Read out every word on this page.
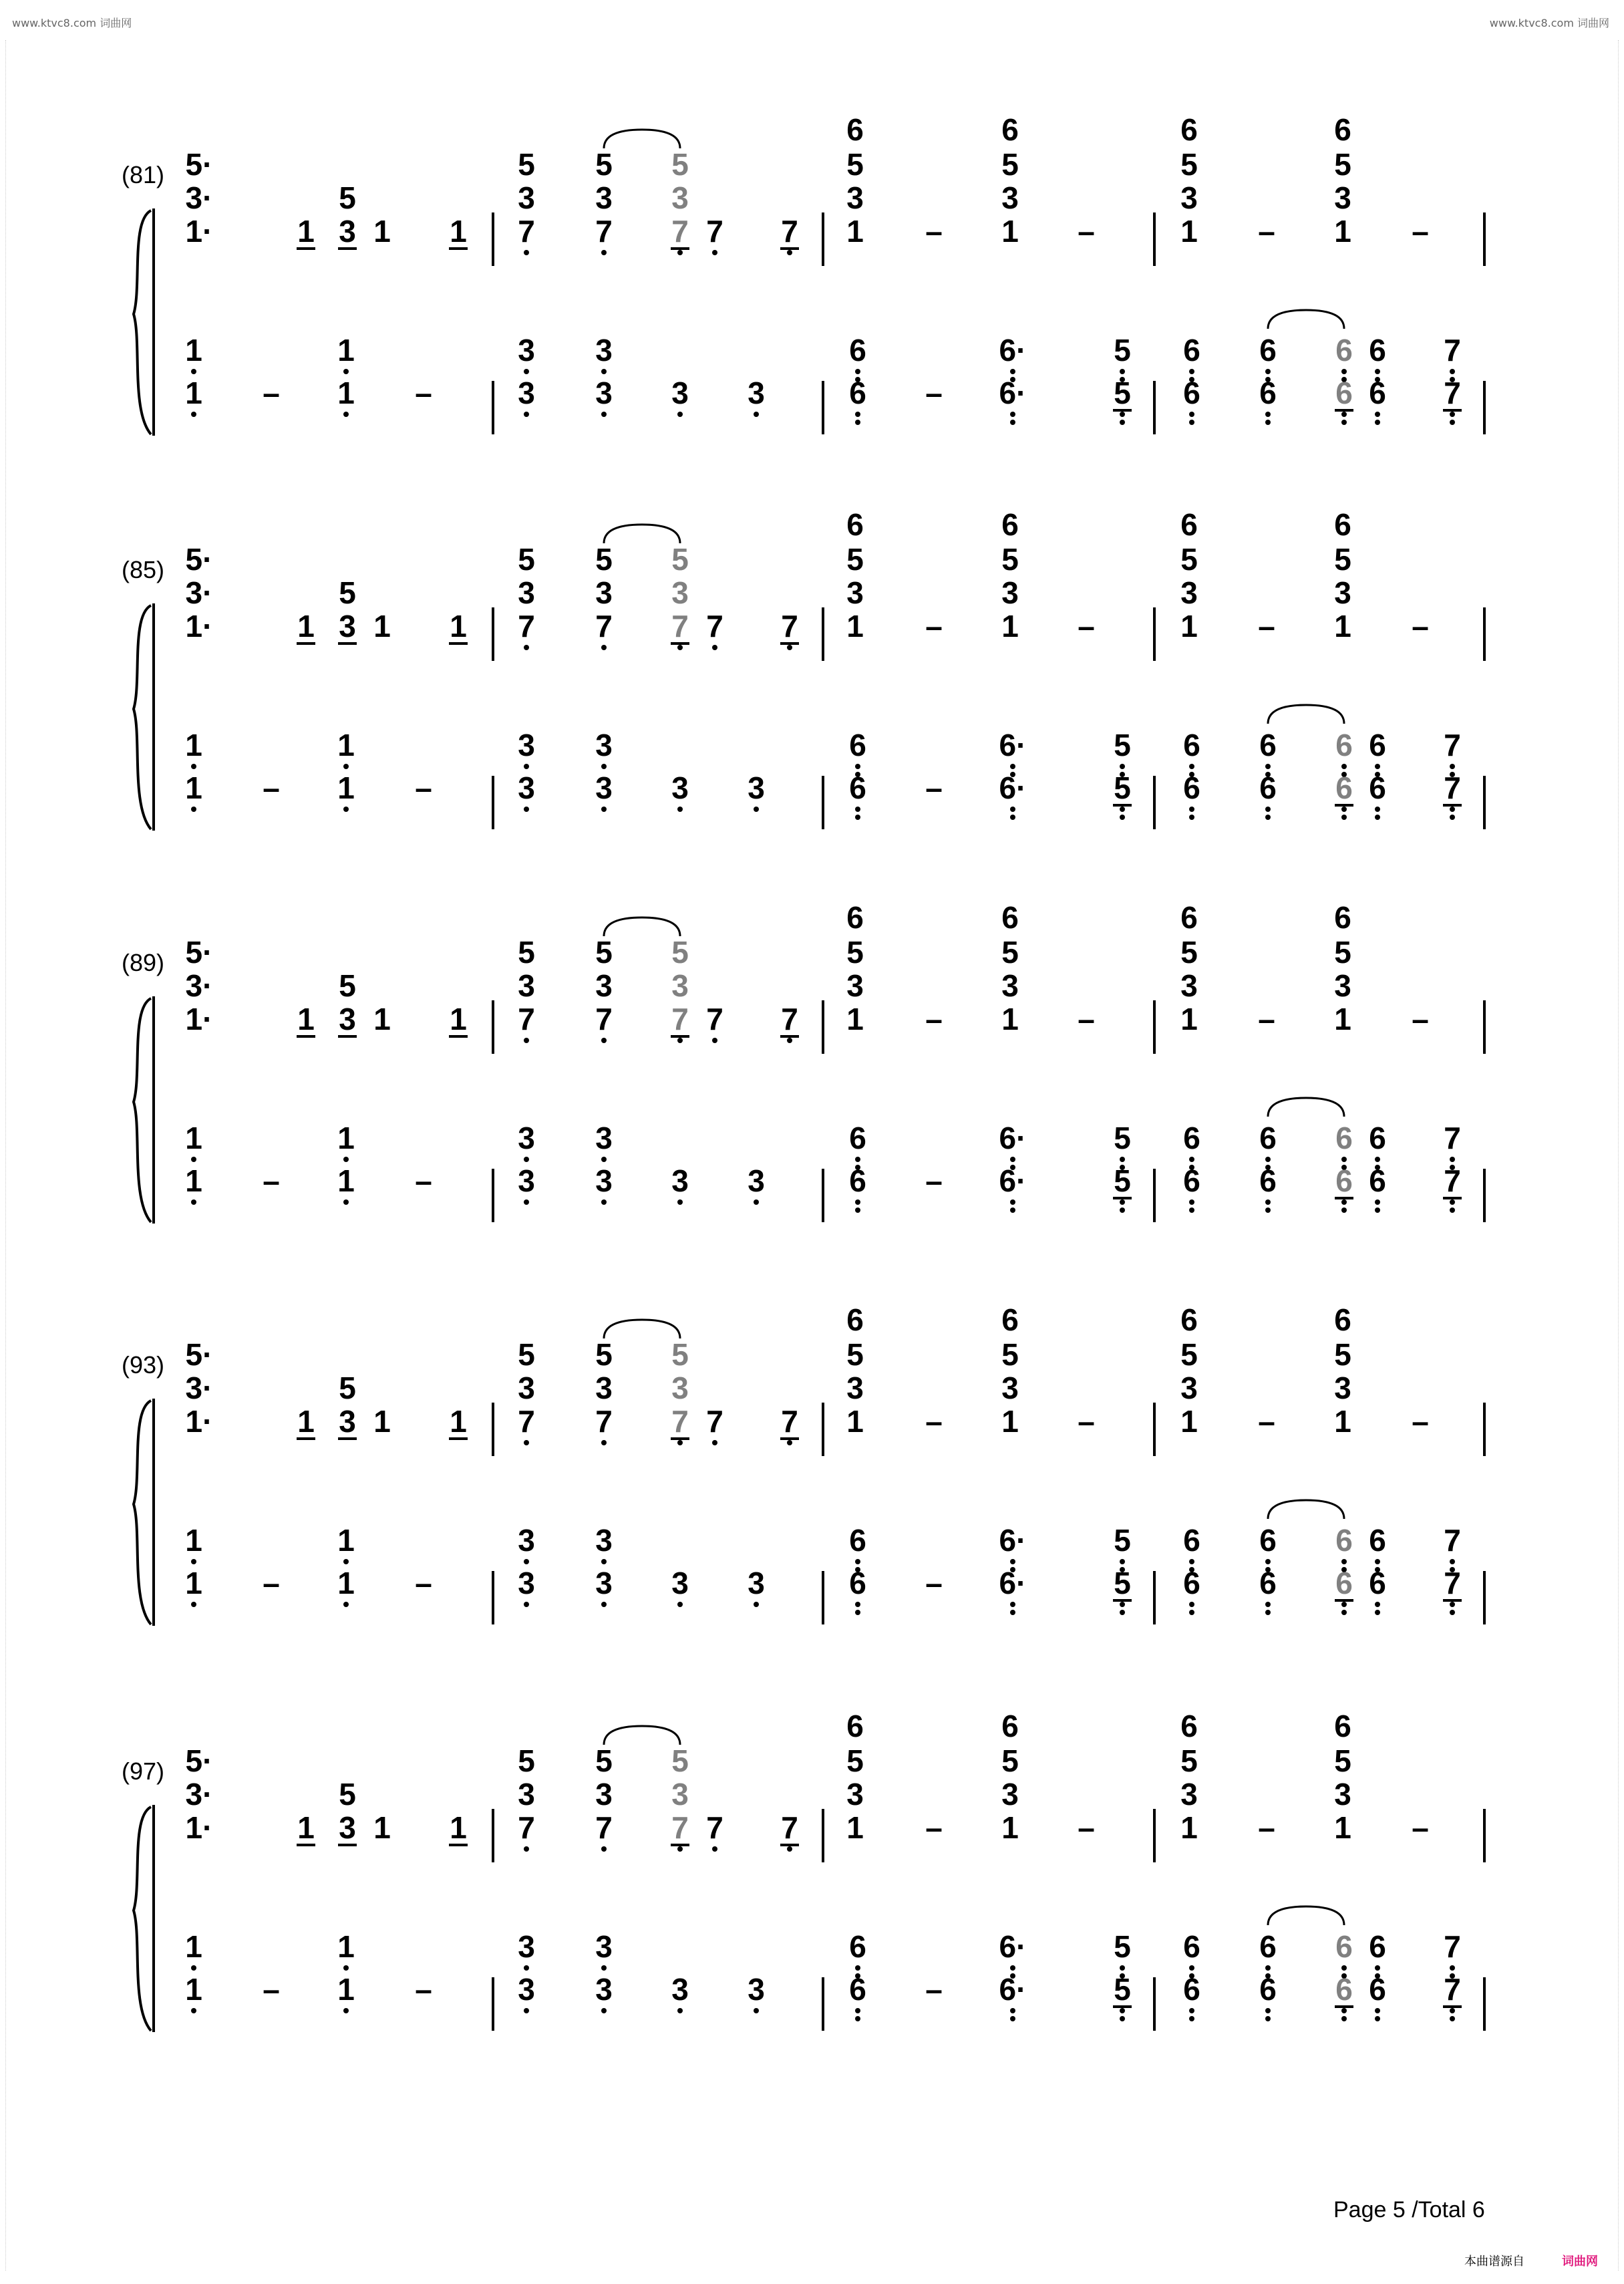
www.ktvc8.com 词曲网	www.ktvc8.com 词曲网
(81)
6	6	6	6
5·	5 5 5	5	5	5	5
3·	5	3 3 3	3	3	3	3
1·	1 3 1 1 7 7 7 7 7 1 – 1 –	1 – 1 –
1	1	3 3	6	6·	5 6 6 6 6 7
1 – 1 –	3 3 3 3	6 – 6·	5 6 6 6 6 7
(85)
6	6	6	6
5·	5 5 5	5	5	5	5
3·	5	3 3 3	3	3	3	3
1·	1 3 1 1 7 7 7 7 7 1 – 1 –	1 – 1 –
1	1	3 3	6	6·	5 6 6 6 6 7
1 – 1 –	3 3 3 3	6 – 6·	5 6 6 6 6 7
(89)
6	6	6	6
5·	5 5 5	5	5	5	5
3·	5	3 3 3	3	3	3	3
1·	1 3 1 1 7 7 7 7 7 1 – 1 –	1 – 1 –
1	1	3 3	6	6·	5 6 6 6 6 7
1 – 1 –	3 3 3 3	6 – 6·	5 6 6 6 6 7
(93)
6	6	6	6
5·	5 5 5	5	5	5	5
3·	5	3 3 3	3	3	3	3
1·	1 3 1 1 7 7 7 7 7 1 – 1 –	1 – 1 –
1	1	3 3	6	6·	5 6 6 6 6 7
1 – 1 –	3 3 3 3	6 – 6·	5 6 6 6 6 7
(97)
6	6	6	6
5·	5 5 5	5	5	5	5
3·	5	3 3 3	3	3	3	3
1·	1 3 1 1 7 7 7 7 7 1 – 1 –	1 – 1 –
1	1	3 3	6	6·	5 6 6 6 6 7
1 – 1 –	3 3 3 3	6 – 6·	5 6 6 6 6 7
Page 5 /Total 6
本曲谱源自	词曲网
